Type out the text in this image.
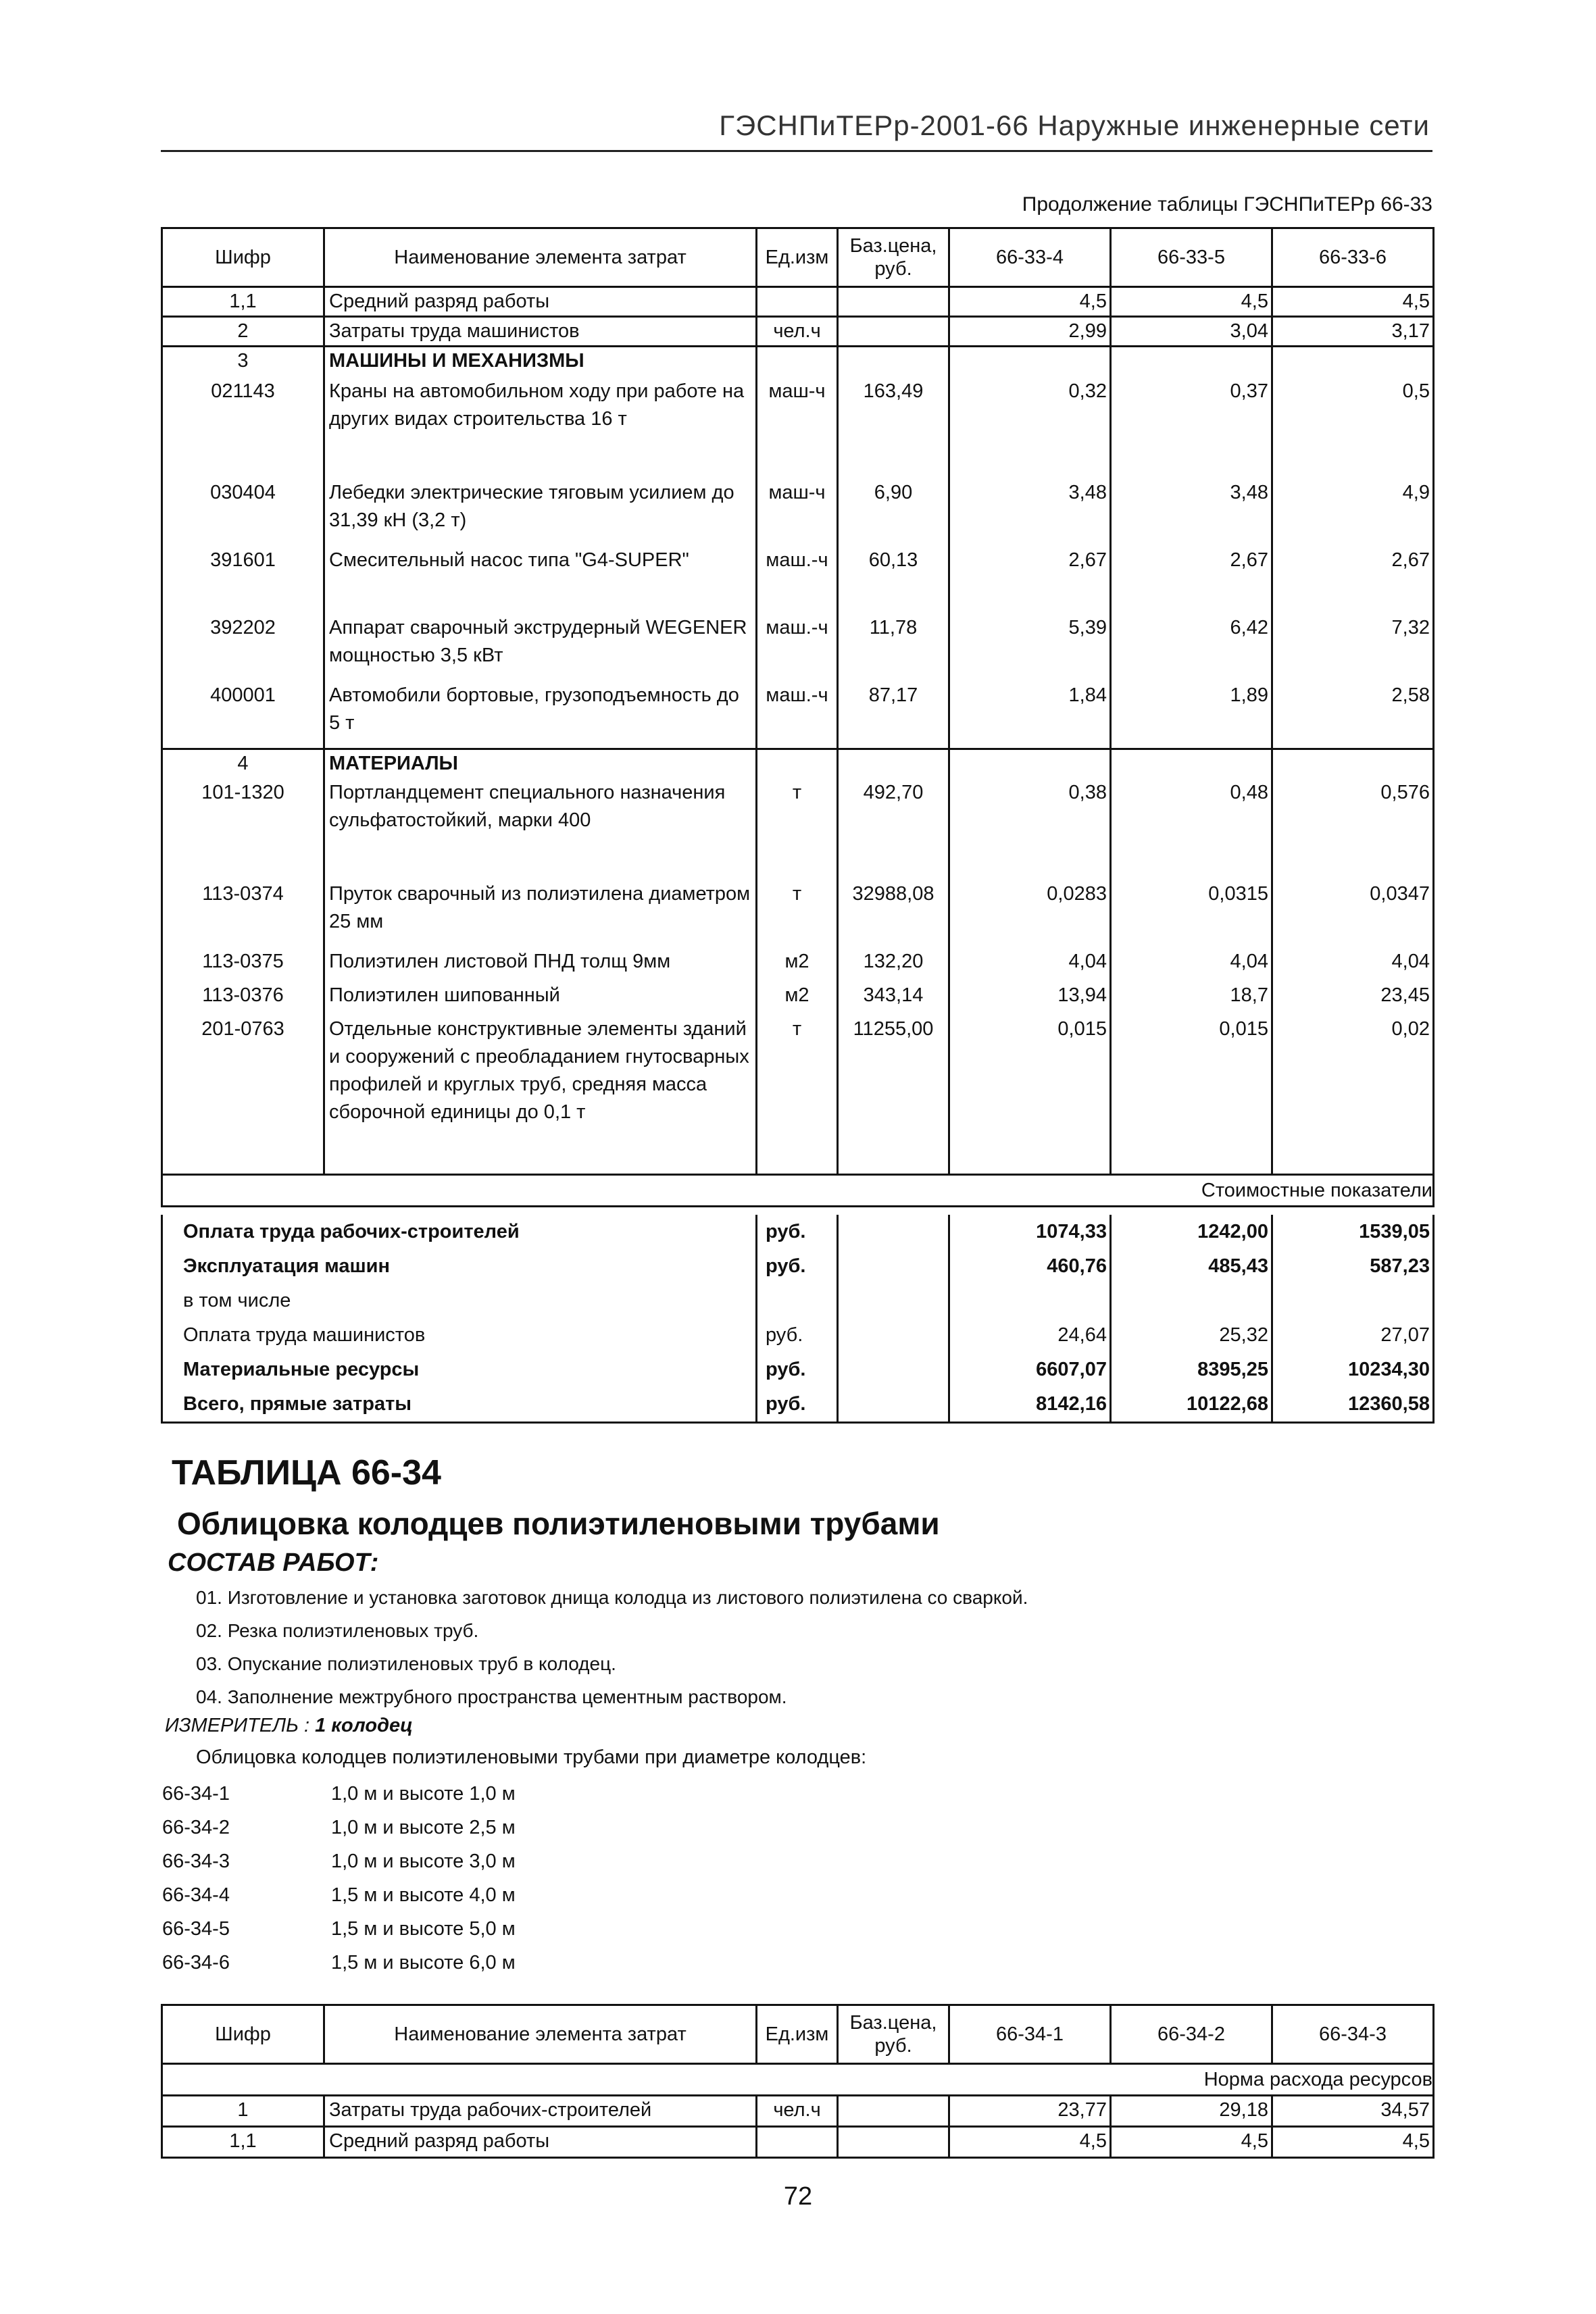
ГЭСНПиТЕРр-2001-66 Наружные инженерные сети
Продолжение таблицы ГЭСНПиТЕРр 66-33
Шифр	Наименование элемента затрат	Ед.изм	Баз.цена, руб.	66-33-4	66-33-5	66-33-6
1,1	Средний разряд работы			4,5	4,5	4,5
2	Затраты труда машинистов	чел.ч		2,99	3,04	3,17
3	МАШИНЫ И МЕХАНИЗМЫ					
021143	Краны на автомобильном ходу при работе на других видах строительства 16 т	маш-ч	163,49	0,32	0,37	0,5
030404	Лебедки электрические тяговым усилием до 31,39 кН (3,2 т)	маш-ч	6,90	3,48	3,48	4,9
391601	Смесительный насос типа "G4-SUPER"	маш.-ч	60,13	2,67	2,67	2,67
392202	Аппарат сварочный экструдерный WEGENER мощностью 3,5 кВт	маш.-ч	11,78	5,39	6,42	7,32
400001	Автомобили бортовые, грузоподъемность до 5 т	маш.-ч	87,17	1,84	1,89	2,58
4	МАТЕРИАЛЫ					
101-1320	Портландцемент специального назначения сульфатостойкий, марки 400	т	492,70	0,38	0,48	0,576
113-0374	Пруток сварочный из полиэтилена диаметром 25 мм	т	32988,08	0,0283	0,0315	0,0347
113-0375	Полиэтилен листовой ПНД толщ 9мм	м2	132,20	4,04	4,04	4,04
113-0376	Полиэтилен шипованный	м2	343,14	13,94	18,7	23,45
201-0763	Отдельные конструктивные элементы зданий и сооружений с преобладанием гнутосварных профилей и круглых труб, средняя масса сборочной единицы до 0,1 т	т	11255,00	0,015	0,015	0,02
Стоимостные показатели						
Оплата труда рабочих-строителей	руб.		1074,33	1242,00	1539,05
Эксплуатация машин	руб.		460,76	485,43	587,23
в том числе					
Оплата труда машинистов	руб.		24,64	25,32	27,07
Материальные ресурсы	руб.		6607,07	8395,25	10234,30
Всего, прямые затраты	руб.		8142,16	10122,68	12360,58
ТАБЛИЦА 66-34
Облицовка колодцев полиэтиленовыми трубами
СОСТАВ РАБОТ:
01. Изготовление и установка заготовок днища колодца из листового полиэтилена со сваркой.
02. Резка полиэтиленовых труб.
03. Опускание полиэтиленовых труб в колодец.
04. Заполнение межтрубного пространства цементным раствором.
ИЗМЕРИТЕЛЬ : 1 колодец
Облицовка колодцев полиэтиленовыми трубами при диаметре колодцев:
66-34-1	1,0 м и высоте 1,0 м
66-34-2	1,0 м и высоте 2,5 м
66-34-3	1,0 м и высоте 3,0 м
66-34-4	1,5 м и высоте 4,0 м
66-34-5	1,5 м и высоте 5,0 м
66-34-6	1,5 м и высоте 6,0 м
Шифр	Наименование элемента затрат	Ед.изм	Баз.цена, руб.	66-34-1	66-34-2	66-34-3
Норма расхода ресурсов						
1	Затраты труда рабочих-строителей	чел.ч		23,77	29,18	34,57
1,1	Средний разряд работы			4,5	4,5	4,5
72
